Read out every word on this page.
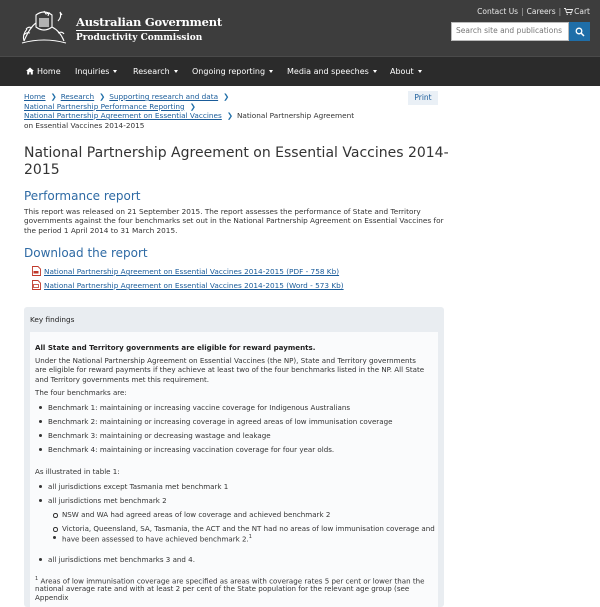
Australian Government
Productivity Commission
Contact Us | Careers | Cart
Search site and publications
Home Inquiries	Research	Ongoing reporting	Media and speeches	About
Home ❯ Research ❯ Supporting research and data ❯
National Partnership Performance Reporting ❯
National Partnership Agreement on Essential Vaccines ❯ National Partnership Agreement
on Essential Vaccines 2014-2015
Print
National Partnership Agreement on Essential Vaccines 2014-2015
Performance report
This report was released on 21 September 2015. The report assesses the performance of State and Territory governments against the four benchmarks set out in the National Partnership Agreement on Essential Vaccines for the period 1 April 2014 to 31 March 2015.
Download the report
National Partnership Agreement on Essential Vaccines 2014-2015 (PDF - 758 Kb)
National Partnership Agreement on Essential Vaccines 2014-2015 (Word - 573 Kb)
Key findings
All State and Territory governments are eligible for reward payments.
Under the National Partnership Agreement on Essential Vaccines (the NP), State and Territory governments are eligible for reward payments if they achieve at least two of the four benchmarks listed in the NP. All State and Territory governments met this requirement.
The four benchmarks are:
Benchmark 1: maintaining or increasing vaccine coverage for Indigenous Australians
Benchmark 2: maintaining or increasing coverage in agreed areas of low immunisation coverage
Benchmark 3: maintaining or decreasing wastage and leakage
Benchmark 4: maintaining or increasing vaccination coverage for four year olds.
As illustrated in table 1:
all jurisdictions except Tasmania met benchmark 1
all jurisdictions met benchmark 2
NSW and WA had agreed areas of low coverage and achieved benchmark 2
Victoria, Queensland, SA, Tasmania, the ACT and the NT had no areas of low immunisation coverage and
have been assessed to have achieved benchmark 2.$^1$
all jurisdictions met benchmarks 3 and 4.
$^1$ Areas of low immunisation coverage are specified as areas with coverage rates 5 per cent or lower than the
national average rate and with at least 2 per cent of the State population for the relevant age group (see Appendix
